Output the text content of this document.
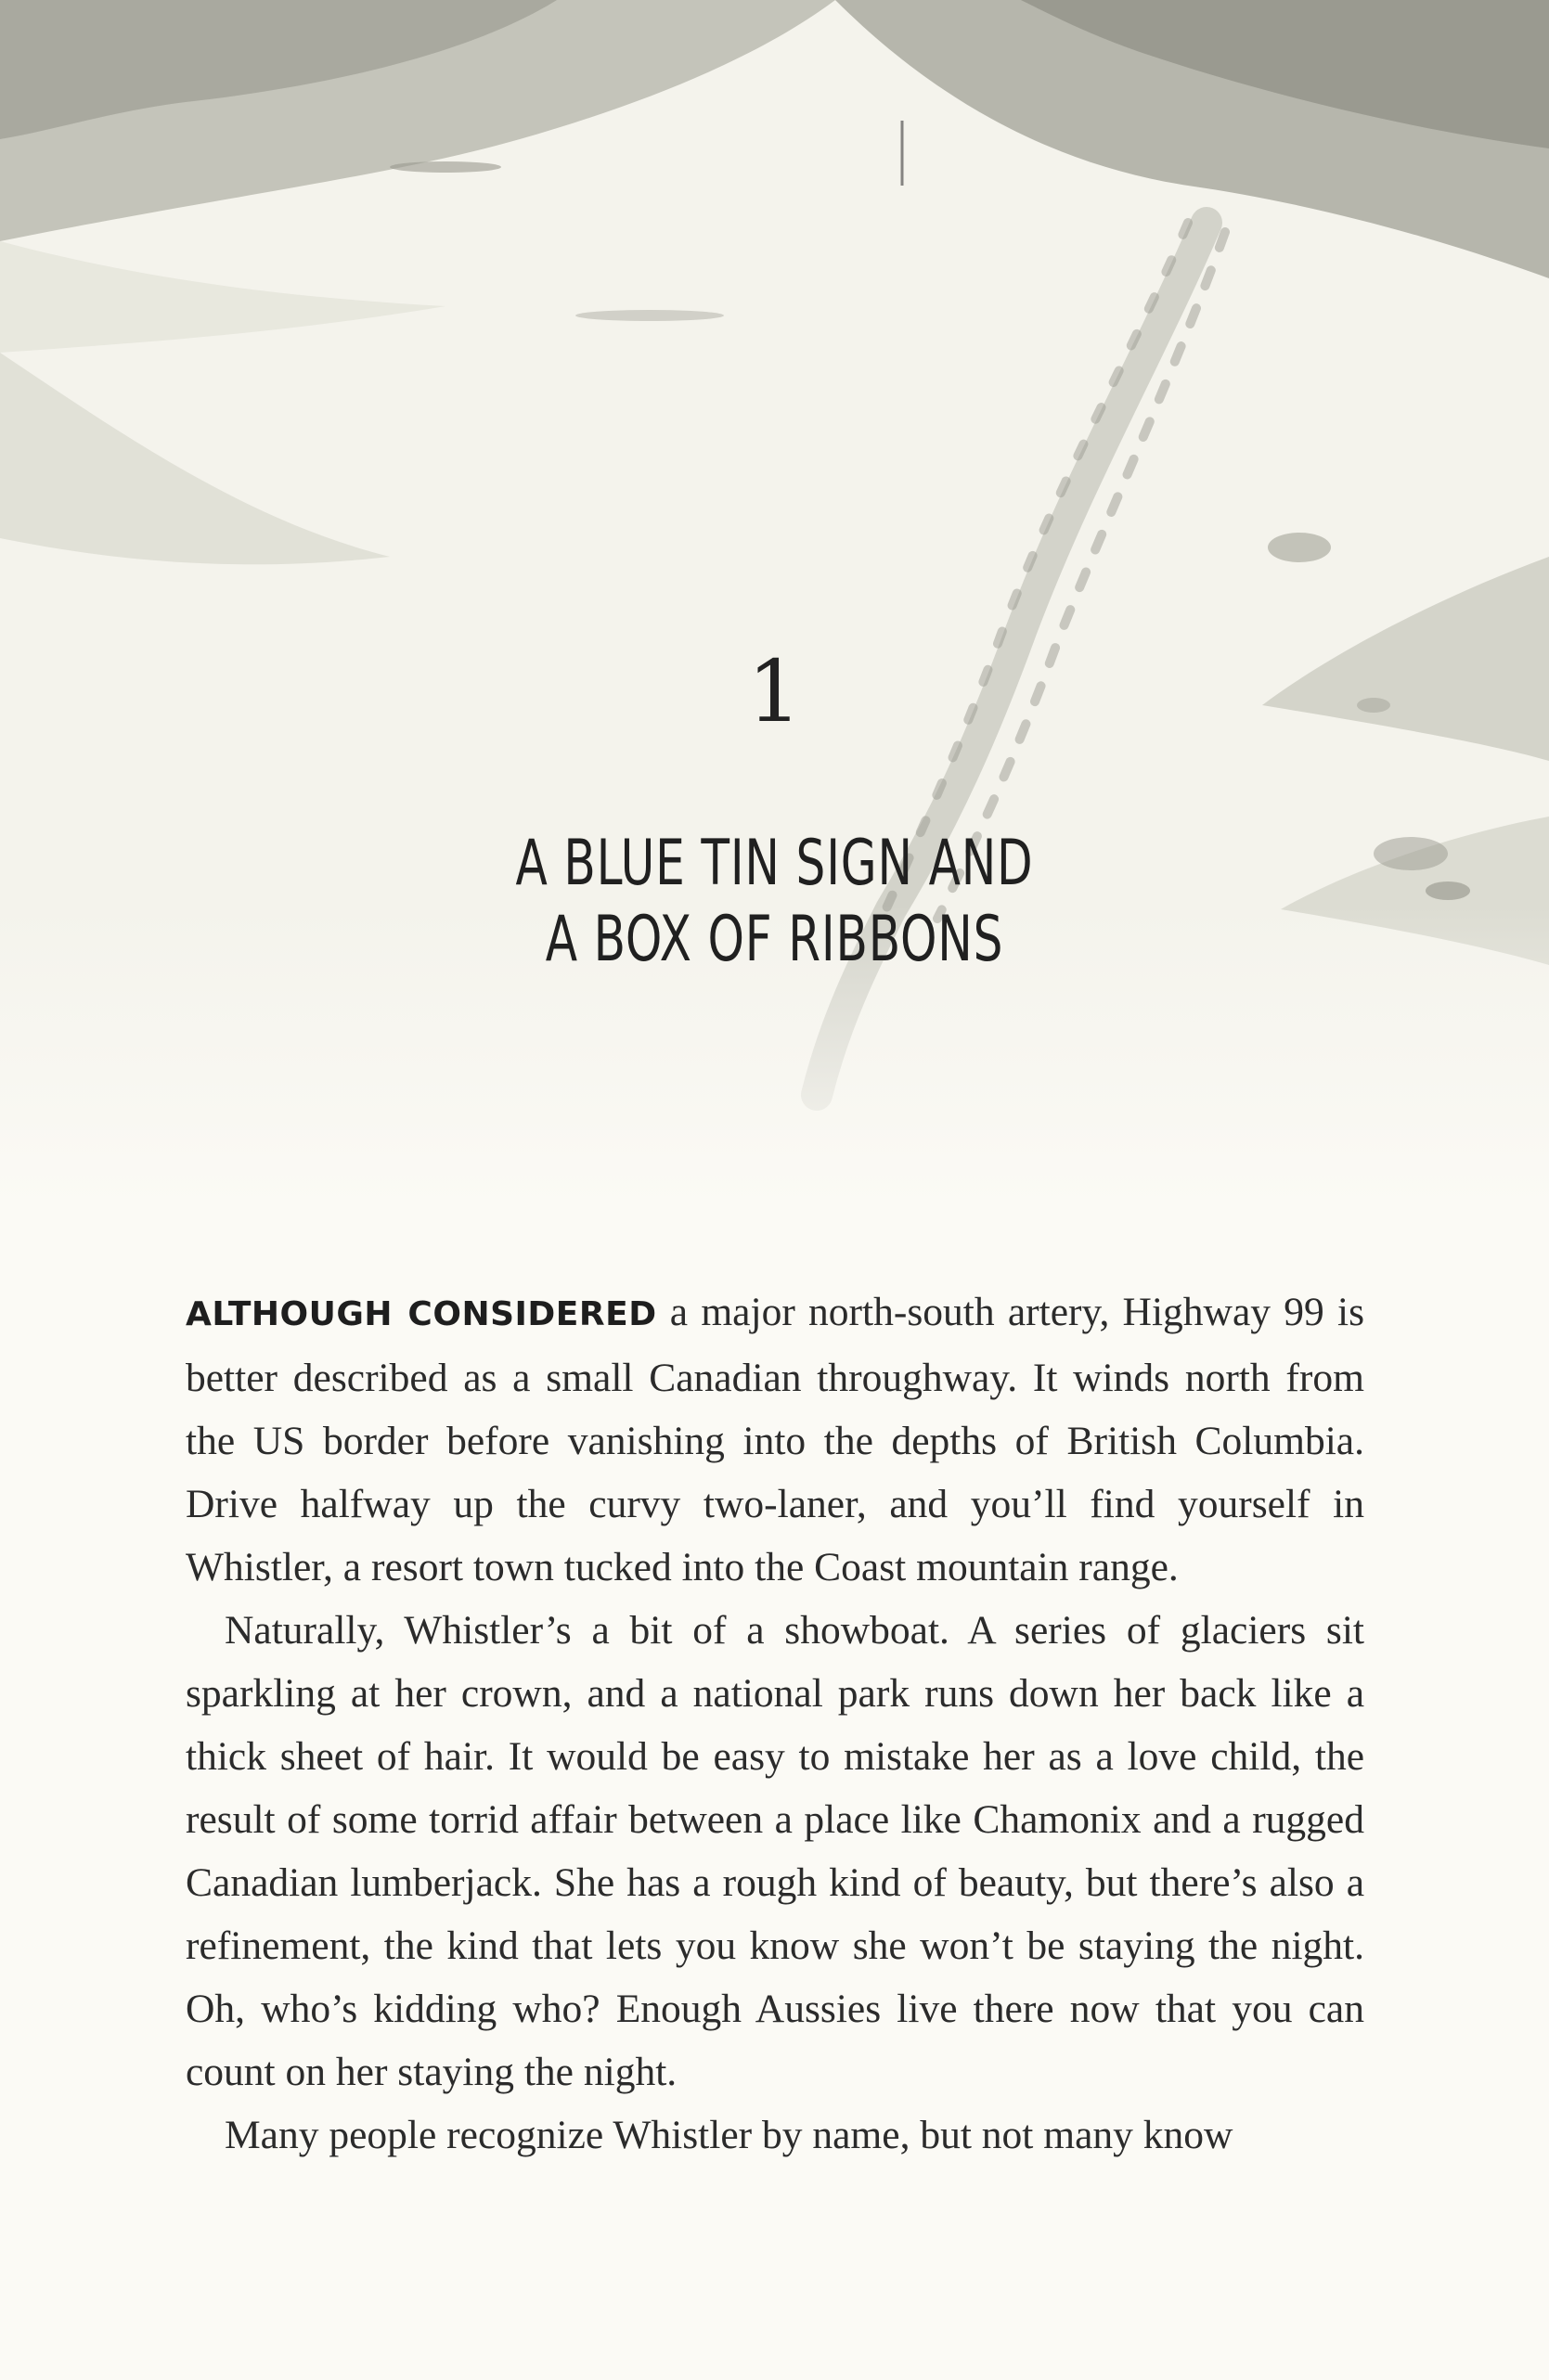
1
A BLUE TIN SIGN AND
A BOX OF RIBBONS

ALTHOUGH CONSIDERED a major north-south artery, Highway 99 is better described as a small Canadian throughway. It winds north from the US border before vanishing into the depths of British Columbia. Drive halfway up the curvy two-laner, and you’ll find yourself in Whistler, a resort town tucked into the Coast mountain range.

Naturally, Whistler’s a bit of a showboat. A series of glaciers sit sparkling at her crown, and a national park runs down her back like a thick sheet of hair. It would be easy to mistake her as a love child, the result of some torrid affair between a place like Chamonix and a rugged Canadian lumberjack. She has a rough kind of beauty, but there’s also a refinement, the kind that lets you know she won’t be staying the night. Oh, who’s kidding who? Enough Aussies live there now that you can count on her staying the night.

Many people recognize Whistler by name, but not many know
